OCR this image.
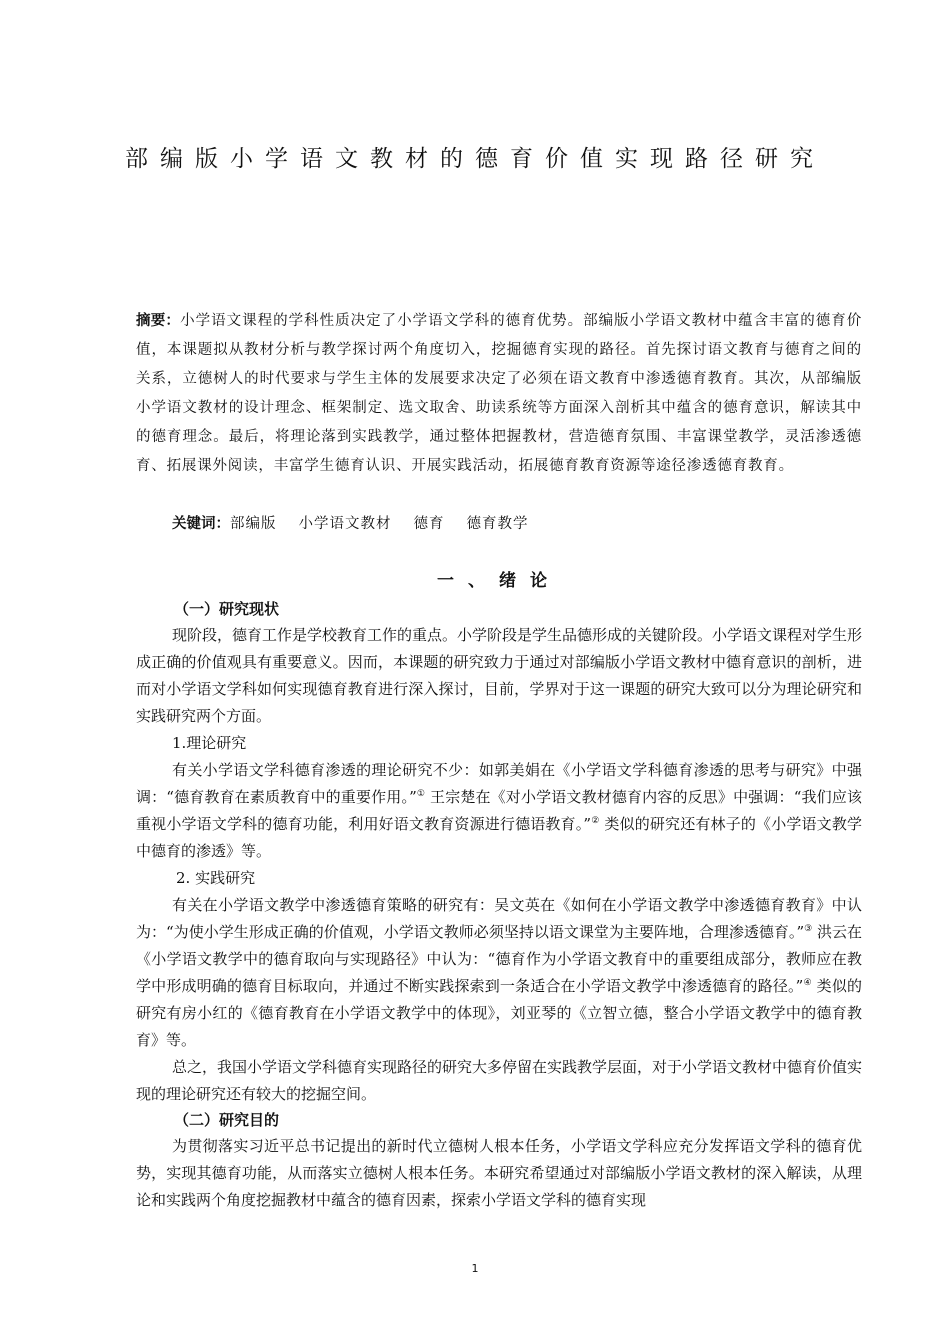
部编版小学语文教材的德育价值实现路径研究
摘要：小学语文课程的学科性质决定了小学语文学科的德育优势。部编版小学语文教材中蕴含丰富的德育价值，本课题拟从教材分析与教学探讨两个角度切入，挖掘德育实现的路径。首先探讨语文教育与德育之间的关系，立德树人的时代要求与学生主体的发展要求决定了必须在语文教育中渗透德育教育。其次，从部编版小学语文教材的设计理念、框架制定、选文取舍、助读系统等方面深入剖析其中蕴含的德育意识，解读其中的德育理念。最后，将理论落到实践教学，通过整体把握教材，营造德育氛围、丰富课堂教学，灵活渗透德育、拓展课外阅读，丰富学生德育认识、开展实践活动，拓展德育教育资源等途径渗透德育教育。
关键词：部编版 小学语文教材 德育 德育教学
一、绪论
（一）研究现状

现阶段，德育工作是学校教育工作的重点。小学阶段是学生品德形成的关键阶段。小学语文课程对学生形成正确的价值观具有重要意义。因而，本课题的研究致力于通过对部编版小学语文教材中德育意识的剖析，进而对小学语文学科如何实现德育教育进行深入探讨，目前，学界对于这一课题的研究大致可以分为理论研究和实践研究两个方面。

1.理论研究

有关小学语文学科德育渗透的理论研究不少：如郭美娟在《小学语文学科德育渗透的思考与研究》中强调：“德育教育在素质教育中的重要作用。”① 王宗楚在《对小学语文教材德育内容的反思》中强调：“我们应该重视小学语文学科的德育功能，利用好语文教育资源进行德语教育。”② 类似的研究还有林子的《小学语文教学中德育的渗透》等。

2. 实践研究

有关在小学语文教学中渗透德育策略的研究有：吴文英在《如何在小学语文教学中渗透德育教育》中认为：“为使小学生形成正确的价值观，小学语文教师必须坚持以语文课堂为主要阵地，合理渗透德育。”③ 洪云在《小学语文教学中的德育取向与实现路径》中认为：“德育作为小学语文教育中的重要组成部分，教师应在教学中形成明确的德育目标取向，并通过不断实践探索到一条适合在小学语文教学中渗透德育的路径。”④ 类似的研究有房小红的《德育教育在小学语文教学中的体现》，刘亚琴的《立智立德，整合小学语文教学中的德育教育》等。

总之，我国小学语文学科德育实现路径的研究大多停留在实践教学层面，对于小学语文教材中德育价值实现的理论研究还有较大的挖掘空间。

（二）研究目的

为贯彻落实习近平总书记提出的新时代立德树人根本任务，小学语文学科应充分发挥语文学科的德育优势，实现其德育功能，从而落实立德树人根本任务。本研究希望通过对部编版小学语文教材的深入解读，从理论和实践两个角度挖掘教材中蕴含的德育因素，探索小学语文学科的德育实现

1
